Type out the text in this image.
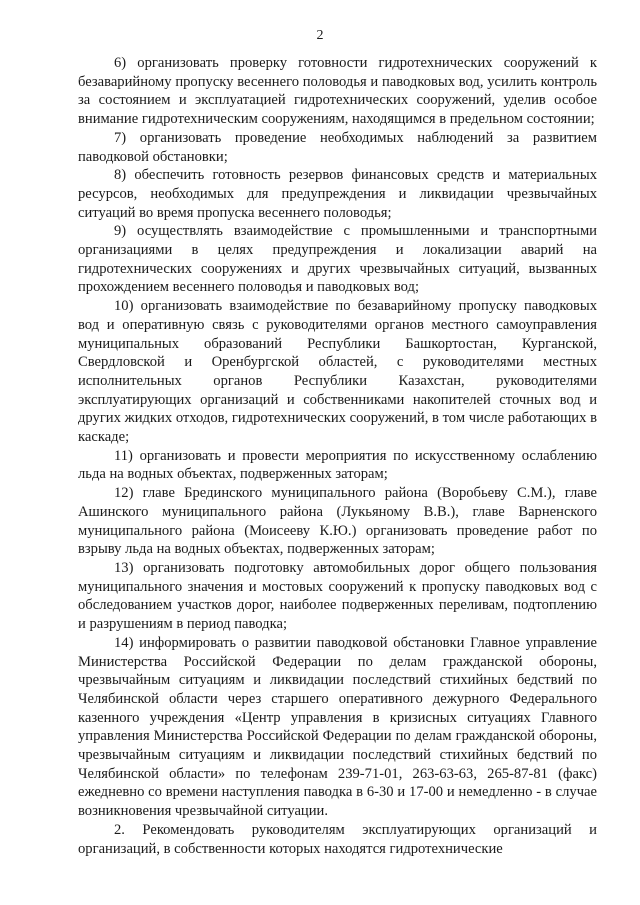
2

6) организовать проверку готовности гидротехнических сооружений к безаварийному пропуску весеннего половодья и паводковых вод, усилить контроль за состоянием и эксплуатацией гидротехнических сооружений, уделив особое внимание гидротехническим сооружениям, находящимся в предельном состоянии;

7) организовать проведение необходимых наблюдений за развитием паводковой обстановки;

8) обеспечить готовность резервов финансовых средств и материальных ресурсов, необходимых для предупреждения и ликвидации чрезвычайных ситуаций во время пропуска весеннего половодья;

9) осуществлять взаимодействие с промышленными и транспортными организациями в целях предупреждения и локализации аварий на гидротехнических сооружениях и других чрезвычайных ситуаций, вызванных прохождением весеннего половодья и паводковых вод;

10) организовать взаимодействие по безаварийному пропуску паводковых вод и оперативную связь с руководителями органов местного самоуправления муниципальных образований Республики Башкортостан, Курганской, Свердловской и Оренбургской областей, с руководителями местных исполнительных органов Республики Казахстан, руководителями эксплуатирующих организаций и собственниками накопителей сточных вод и других жидких отходов, гидротехнических сооружений, в том числе работающих в каскаде;

11) организовать и провести мероприятия по искусственному ослаблению льда на водных объектах, подверженных заторам;

12) главе Брединского муниципального района (Воробьеву С.М.), главе Ашинского муниципального района (Лукьяному В.В.), главе Варненского муниципального района (Моисееву К.Ю.) организовать проведение работ по взрыву льда на водных объектах, подверженных заторам;

13) организовать подготовку автомобильных дорог общего пользования муниципального значения и мостовых сооружений к пропуску паводковых вод с обследованием участков дорог, наиболее подверженных переливам, подтоплению и разрушениям в период паводка;

14) информировать о развитии паводковой обстановки Главное управление Министерства Российской Федерации по делам гражданской обороны, чрезвычайным ситуациям и ликвидации последствий стихийных бедствий по Челябинской области через старшего оперативного дежурного Федерального казенного учреждения «Центр управления в кризисных ситуациях Главного управления Министерства Российской Федерации по делам гражданской обороны, чрезвычайным ситуациям и ликвидации последствий стихийных бедствий по Челябинской области» по телефонам 239-71-01, 263-63-63, 265-87-81 (факс) ежедневно со времени наступления паводка в 6-30 и 17-00 и немедленно - в случае возникновения чрезвычайной ситуации.

2. Рекомендовать руководителям эксплуатирующих организаций и организаций, в собственности которых находятся гидротехнические
